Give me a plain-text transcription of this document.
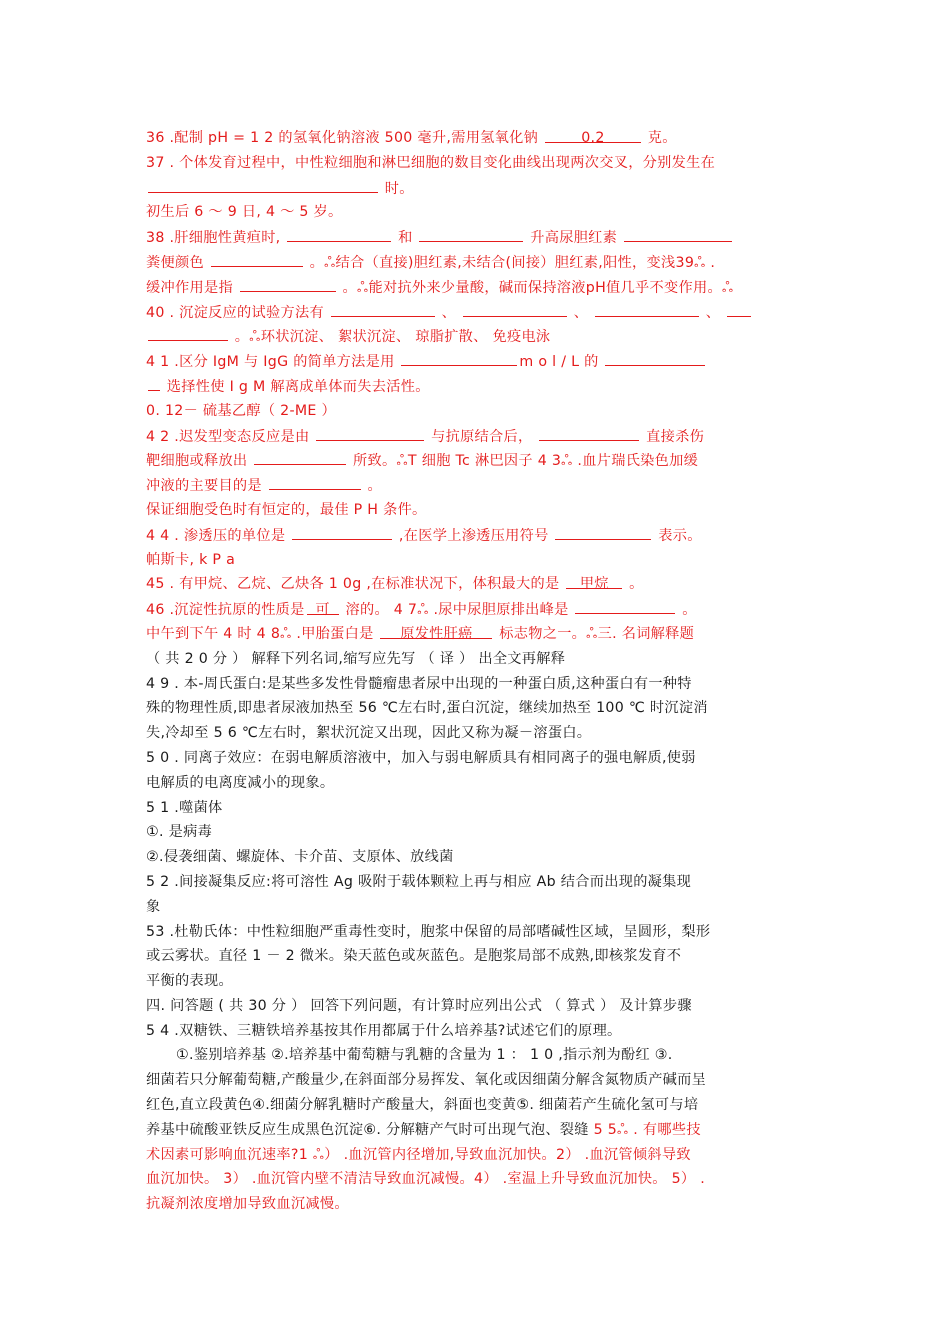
36 .配制 pH = 1 2 的氢氧化钠溶液 500 毫升,需用氢氧化钠	0.2	克。
37 . 个体发育过程中，中性粒细胞和淋巴细胞的数目变化曲线出现两次交叉，分别发生在
时。
初生后 6 ～ 9 日, 4 ～ 5 岁。
38 .肝细胞性黄疸时,	和	升高尿胆红素
粪便颜色	。ஃ结合（直接)胆红素,未结合(间接）胆红素,阳性，变浅39ஃ .
缓冲作用是指	。ஃ能对抗外来少量酸，碱而保持溶液pH值几乎不变作用。ஃ
40 . 沉淀反应的试验方法有	、	、	、
。ஃ环状沉淀、 絮状沉淀、 琼脂扩散、 免疫电泳
4 1 .区分 IgM 与 IgG 的简单方法是用	m o l / L 的
选择性使 I g M 解离成单体而失去活性。
0. 12－ 硫基乙醇（ 2-ME ）
4 2 .迟发型变态反应是由	与抗原结合后，	直接杀伤
靶细胞或释放出	所致。ஃT 细胞 Tc 淋巴因子 4 3ஃ .血片瑞氏染色加缓
冲液的主要目的是	。
保证细胞受色时有恒定的，最佳 P H 条件。
4 4 . 渗透压的单位是	,在医学上渗透压用符号	表示。
帕斯卡, k P a
45 . 有甲烷、乙烷、乙炔各 1 0g ,在标准状况下，体积最大的是 甲烷 。
46 .沉淀性抗原的性质是 可 溶的。 4 7ஃ .尿中尿胆原排出峰是	。
中午到下午 4 时 4 8ஃ .甲胎蛋白是 原发性肝癌 标志物之一。ஃ三. 名词解释题
（ 共 2 0 分 ） 解释下列名词,缩写应先写 （ 译 ） 出全文再解释
4 9 . 本-周氏蛋白:是某些多发性骨髓瘤患者尿中出现的一种蛋白质,这种蛋白有一种特
殊的物理性质,即患者尿液加热至 56 ℃左右时,蛋白沉淀，继续加热至 100 ℃ 时沉淀消
失,冷却至 5 6 ℃左右时，絮状沉淀又出现，因此又称为凝－溶蛋白。
5 0 . 同离子效应：在弱电解质溶液中，加入与弱电解质具有相同离子的强电解质,使弱
电解质的电离度减小的现象。
5 1 .噬菌体
①. 是病毒
②.侵袭细菌、螺旋体、卡介苗、支原体、放线菌
5 2 .间接凝集反应:将可溶性 Ag 吸附于载体颗粒上再与相应 Ab 结合而出现的凝集现
象
53 .杜勒氏体：中性粒细胞严重毒性变时，胞浆中保留的局部嗜碱性区域，呈圆形，梨形
或云雾状。直径 1 － 2 微米。染天蓝色或灰蓝色。是胞浆局部不成熟,即核浆发育不
平衡的表现。
四. 问答题 ( 共 30 分 ） 回答下列问题，有计算时应列出公式 （ 算式 ） 及计算步骤
5 4 .双糖铁、三糖铁培养基按其作用都属于什么培养基?试述它们的原理。
①.鉴别培养基 ②.培养基中葡萄糖与乳糖的含量为 1 ： 1 0 ,指示剂为酚红 ③.
细菌若只分解葡萄糖,产酸量少,在斜面部分易挥发、氧化或因细菌分解含氮物质产碱而呈
红色,直立段黄色④.细菌分解乳糖时产酸量大，斜面也变黄⑤. 细菌若产生硫化氢可与培
养基中硫酸亚铁反应生成黑色沉淀⑥. 分解糖产气时可出现气泡、裂缝 5 5ஃ . 有哪些技
术因素可影响血沉速率?1 ஃ） .血沉管内径增加,导致血沉加快。2） .血沉管倾斜导致
血沉加快。 3） .血沉管内壁不清洁导致血沉减慢。4） .室温上升导致血沉加快。 5） .
抗凝剂浓度增加导致血沉减慢。
